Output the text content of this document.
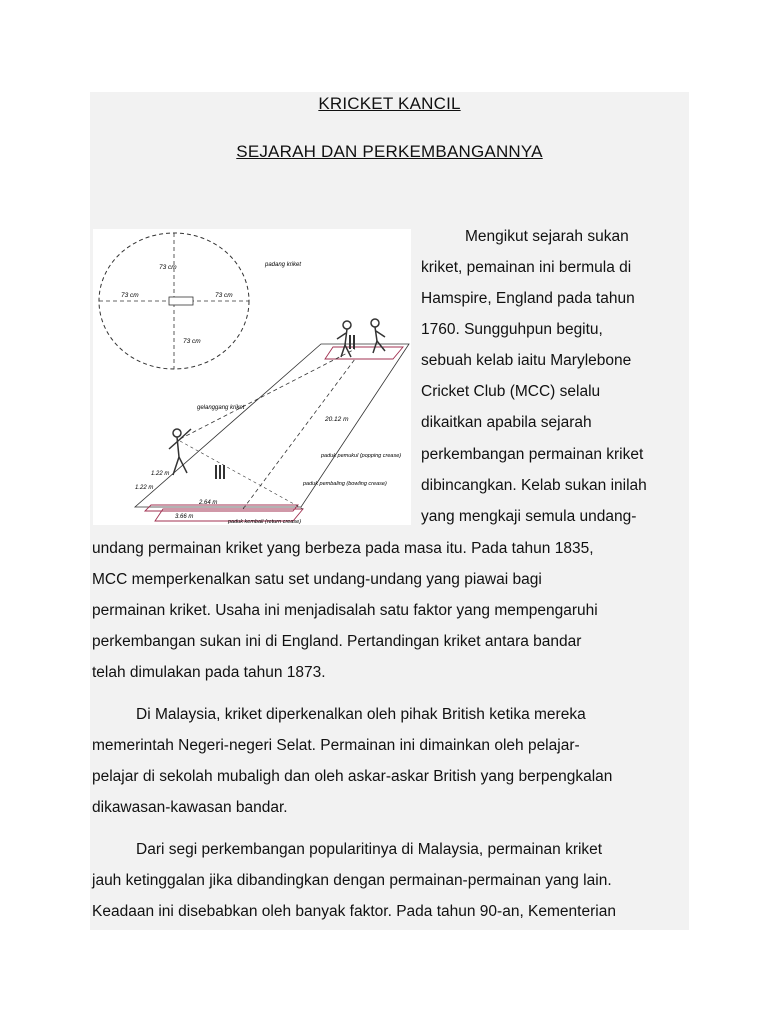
KRICKET KANCIL
SEJARAH DAN PERKEMBANGANNYA
73 cm
73 cm	73 cm
73 cm
padang kriket
gelanggang kriket
20.12 m
paduk pemukul (popping crease)
paduk pembaling (bowling crease)
paduk kembali (return crease)
1.22 m
1.22 m
2.64 m
3.66 m
Mengikut sejarah sukan
kriket, pemainan ini bermula di
Hamspire, England pada tahun
1760. Sungguhpun begitu,
sebuah kelab iaitu Marylebone
Cricket Club (MCC) selalu
dikaitkan apabila sejarah
perkembangan permainan kriket
dibincangkan. Kelab sukan inilah
yang mengkaji semula undang-
undang permainan kriket yang berbeza pada masa itu. Pada tahun 1835,
MCC memperkenalkan satu set undang-undang yang piawai bagi
permainan kriket. Usaha ini menjadisalah satu faktor yang mempengaruhi
perkembangan sukan ini di England. Pertandingan kriket antara bandar
telah dimulakan pada tahun 1873.
Di Malaysia, kriket diperkenalkan oleh pihak British ketika mereka
memerintah Negeri-negeri Selat. Permainan ini dimainkan oleh pelajar-
pelajar di sekolah mubaligh dan oleh askar-askar British yang berpengkalan
dikawasan-kawasan bandar.
Dari segi perkembangan popularitinya di Malaysia, permainan kriket
jauh ketinggalan jika dibandingkan dengan permainan-permainan yang lain.
Keadaan ini disebabkan oleh banyak faktor. Pada tahun 90-an, Kementerian
